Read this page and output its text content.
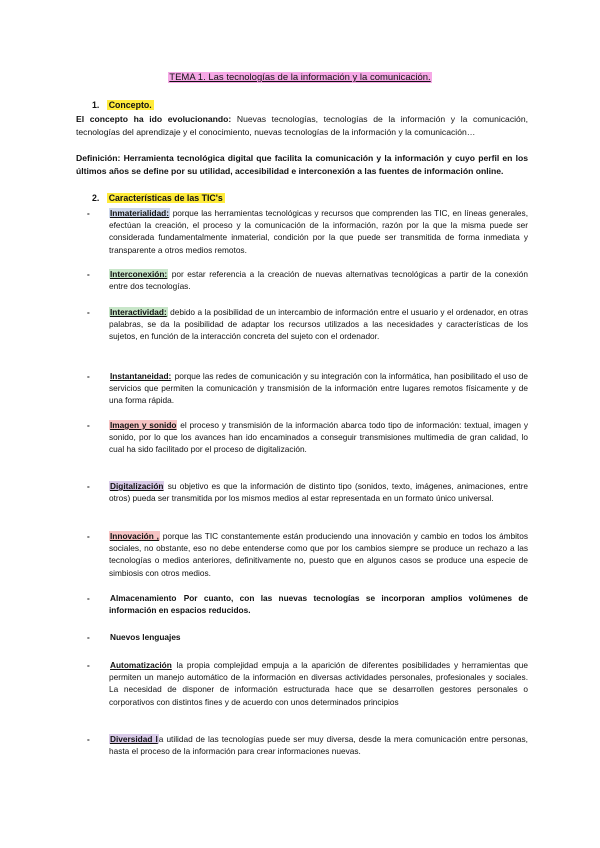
TEMA 1. Las tecnologías de la información y la comunicación.
1. Concepto.
El concepto ha ido evolucionando: Nuevas tecnologías, tecnologías de la información y la comunicación, tecnologías del aprendizaje y el conocimiento, nuevas tecnologías de la información y la comunicación…
Definición: Herramienta tecnológica digital que facilita la comunicación y la información y cuyo perfil en los últimos años se define por su utilidad, accesibilidad e interconexión a las fuentes de información online.
2. Características de las TIC's
- Inmaterialidad: porque las herramientas tecnológicas y recursos que comprenden las TIC, en líneas generales, efectúan la creación, el proceso y la comunicación de la información, razón por la que la misma puede ser considerada fundamentalmente inmaterial, condición por la que puede ser transmitida de forma inmediata y transparente a otros medios remotos.
- Interconexión: por estar referencia a la creación de nuevas alternativas tecnológicas a partir de la conexión entre dos tecnologías.
- Interactividad: debido a la posibilidad de un intercambio de información entre el usuario y el ordenador, en otras palabras, se da la posibilidad de adaptar los recursos utilizados a las necesidades y características de los sujetos, en función de la interacción concreta del sujeto con el ordenador.
- Instantaneidad: porque las redes de comunicación y su integración con la informática, han posibilitado el uso de servicios que permiten la comunicación y transmisión de la información entre lugares remotos físicamente y de una forma rápida.
- Imagen y sonido el proceso y transmisión de la información abarca todo tipo de información: textual, imagen y sonido, por lo que los avances han ido encaminados a conseguir transmisiones multimedia de gran calidad, lo cual ha sido facilitado por el proceso de digitalización.
- Digitalización su objetivo es que la información de distinto tipo (sonidos, texto, imágenes, animaciones, entre otros) pueda ser transmitida por los mismos medios al estar representada en un formato único universal.
- Innovación , porque las TIC constantemente están produciendo una innovación y cambio en todos los ámbitos sociales, no obstante, eso no debe entenderse como que por los cambios siempre se produce un rechazo a las tecnologías o medios anteriores, definitivamente no, puesto que en algunos casos se produce una especie de simbiosis con otros medios.
- Almacenamiento Por cuanto, con las nuevas tecnologías se incorporan amplios volúmenes de información en espacios reducidos.
- Nuevos lenguajes
- Automatización la propia complejidad empuja a la aparición de diferentes posibilidades y herramientas que permiten un manejo automático de la información en diversas actividades personales, profesionales y sociales. La necesidad de disponer de información estructurada hace que se desarrollen gestores personales o corporativos con distintos fines y de acuerdo con unos determinados principios
- Diversidad la utilidad de las tecnologías puede ser muy diversa, desde la mera comunicación entre personas, hasta el proceso de la información para crear informaciones nuevas.
